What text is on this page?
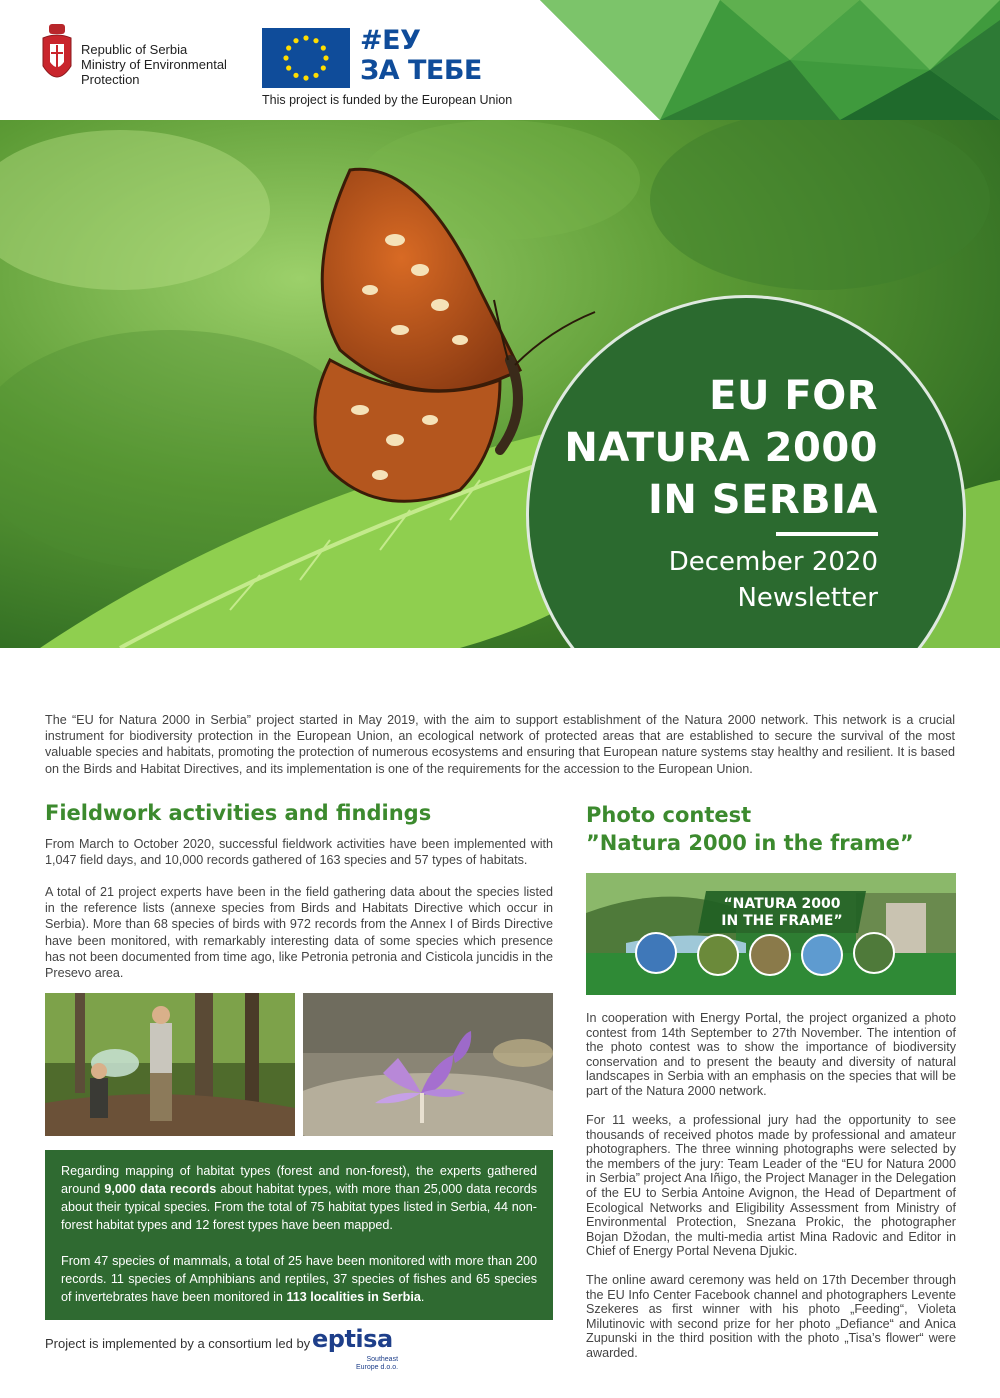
Republic of Serbia
Ministry of Environmental
Protection
#ЕУ
ЗА ТЕБЕ
This project is funded by the European Union
EU FOR
NATURA 2000
IN SERBIA
December 2020
Newsletter

The “EU for Natura 2000 in Serbia” project started in May 2019, with the aim to support establishment of the Natura 2000 network. This network is a crucial instrument for biodiversity protection in the European Union, an ecological network of protected areas that are established to secure the survival of the most valuable species and habitats, promoting the protection of numerous ecosystems and ensuring that European nature systems stay healthy and resilient. It is based on the Birds and Habitat Directives, and its implementation is one of the requirements for the accession to the European Union.

Fieldwork activities and findings

From March to October 2020, successful fieldwork activities have been implemented with 1,047 field days, and 10,000 records gathered of 163 species and 57 types of habitats.

A total of 21 project experts have been in the field gathering data about the species listed in the reference lists (annexe species from Birds and Habitats Directive which occur in Serbia). More than 68 species of birds with 972 records from the Annex I of Birds Directive have been monitored, with remarkably interesting data of some species which presence has not been documented from time ago, like Petronia petronia and Cisticola juncidis in the Presevo area.

Regarding mapping of habitat types (forest and non-forest), the experts gathered around 9,000 data records about habitat types, with more than 25,000 data records about their typical species. From the total of 75 habitat types listed in Serbia, 44 non-forest habitat types and 12 forest types have been mapped.

From 47 species of mammals, a total of 25 have been monitored with more than 200 records. 11 species of Amphibians and reptiles, 37 species of fishes and 65 species of invertebrates have been monitored in 113 localities in Serbia.

Project is implemented by a consortium led by eptisa
Southeast
Europe d.o.o.
Photo contest
”Natura 2000 in the frame”
“NATURA 2000
IN THE FRAME”

In cooperation with Energy Portal, the project organized a photo contest from 14th September to 27th November. The intention of the photo contest was to show the importance of biodiversity conservation and to present the beauty and diversity of natural landscapes in Serbia with an emphasis on the species that will be part of the Natura 2000 network.

For 11 weeks, a professional jury had the opportunity to see thousands of received photos made by professional and amateur photographers. The three winning photographs were selected by the members of the jury: Team Leader of the “EU for Natura 2000 in Serbia” project Ana Iñigo, the Project Manager in the Delegation of the EU to Serbia Antoine Avignon, the Head of Department of Ecological Networks and Eligibility Assessment from Ministry of Environmental Protection, Snezana Prokic, the photographer Bojan Džodan, the multi-media artist Mina Radovic and Editor in Chief of Energy Portal Nevena Djukic.

The online award ceremony was held on 17th December through the EU Info Center Facebook channel and photographers Levente Szekeres as first winner with his photo „Feeding“, Violeta Milutinovic with second prize for her photo „Defiance“ and Anica Zupunski in the third position with the photo „Tisa’s flower“ were awarded.
